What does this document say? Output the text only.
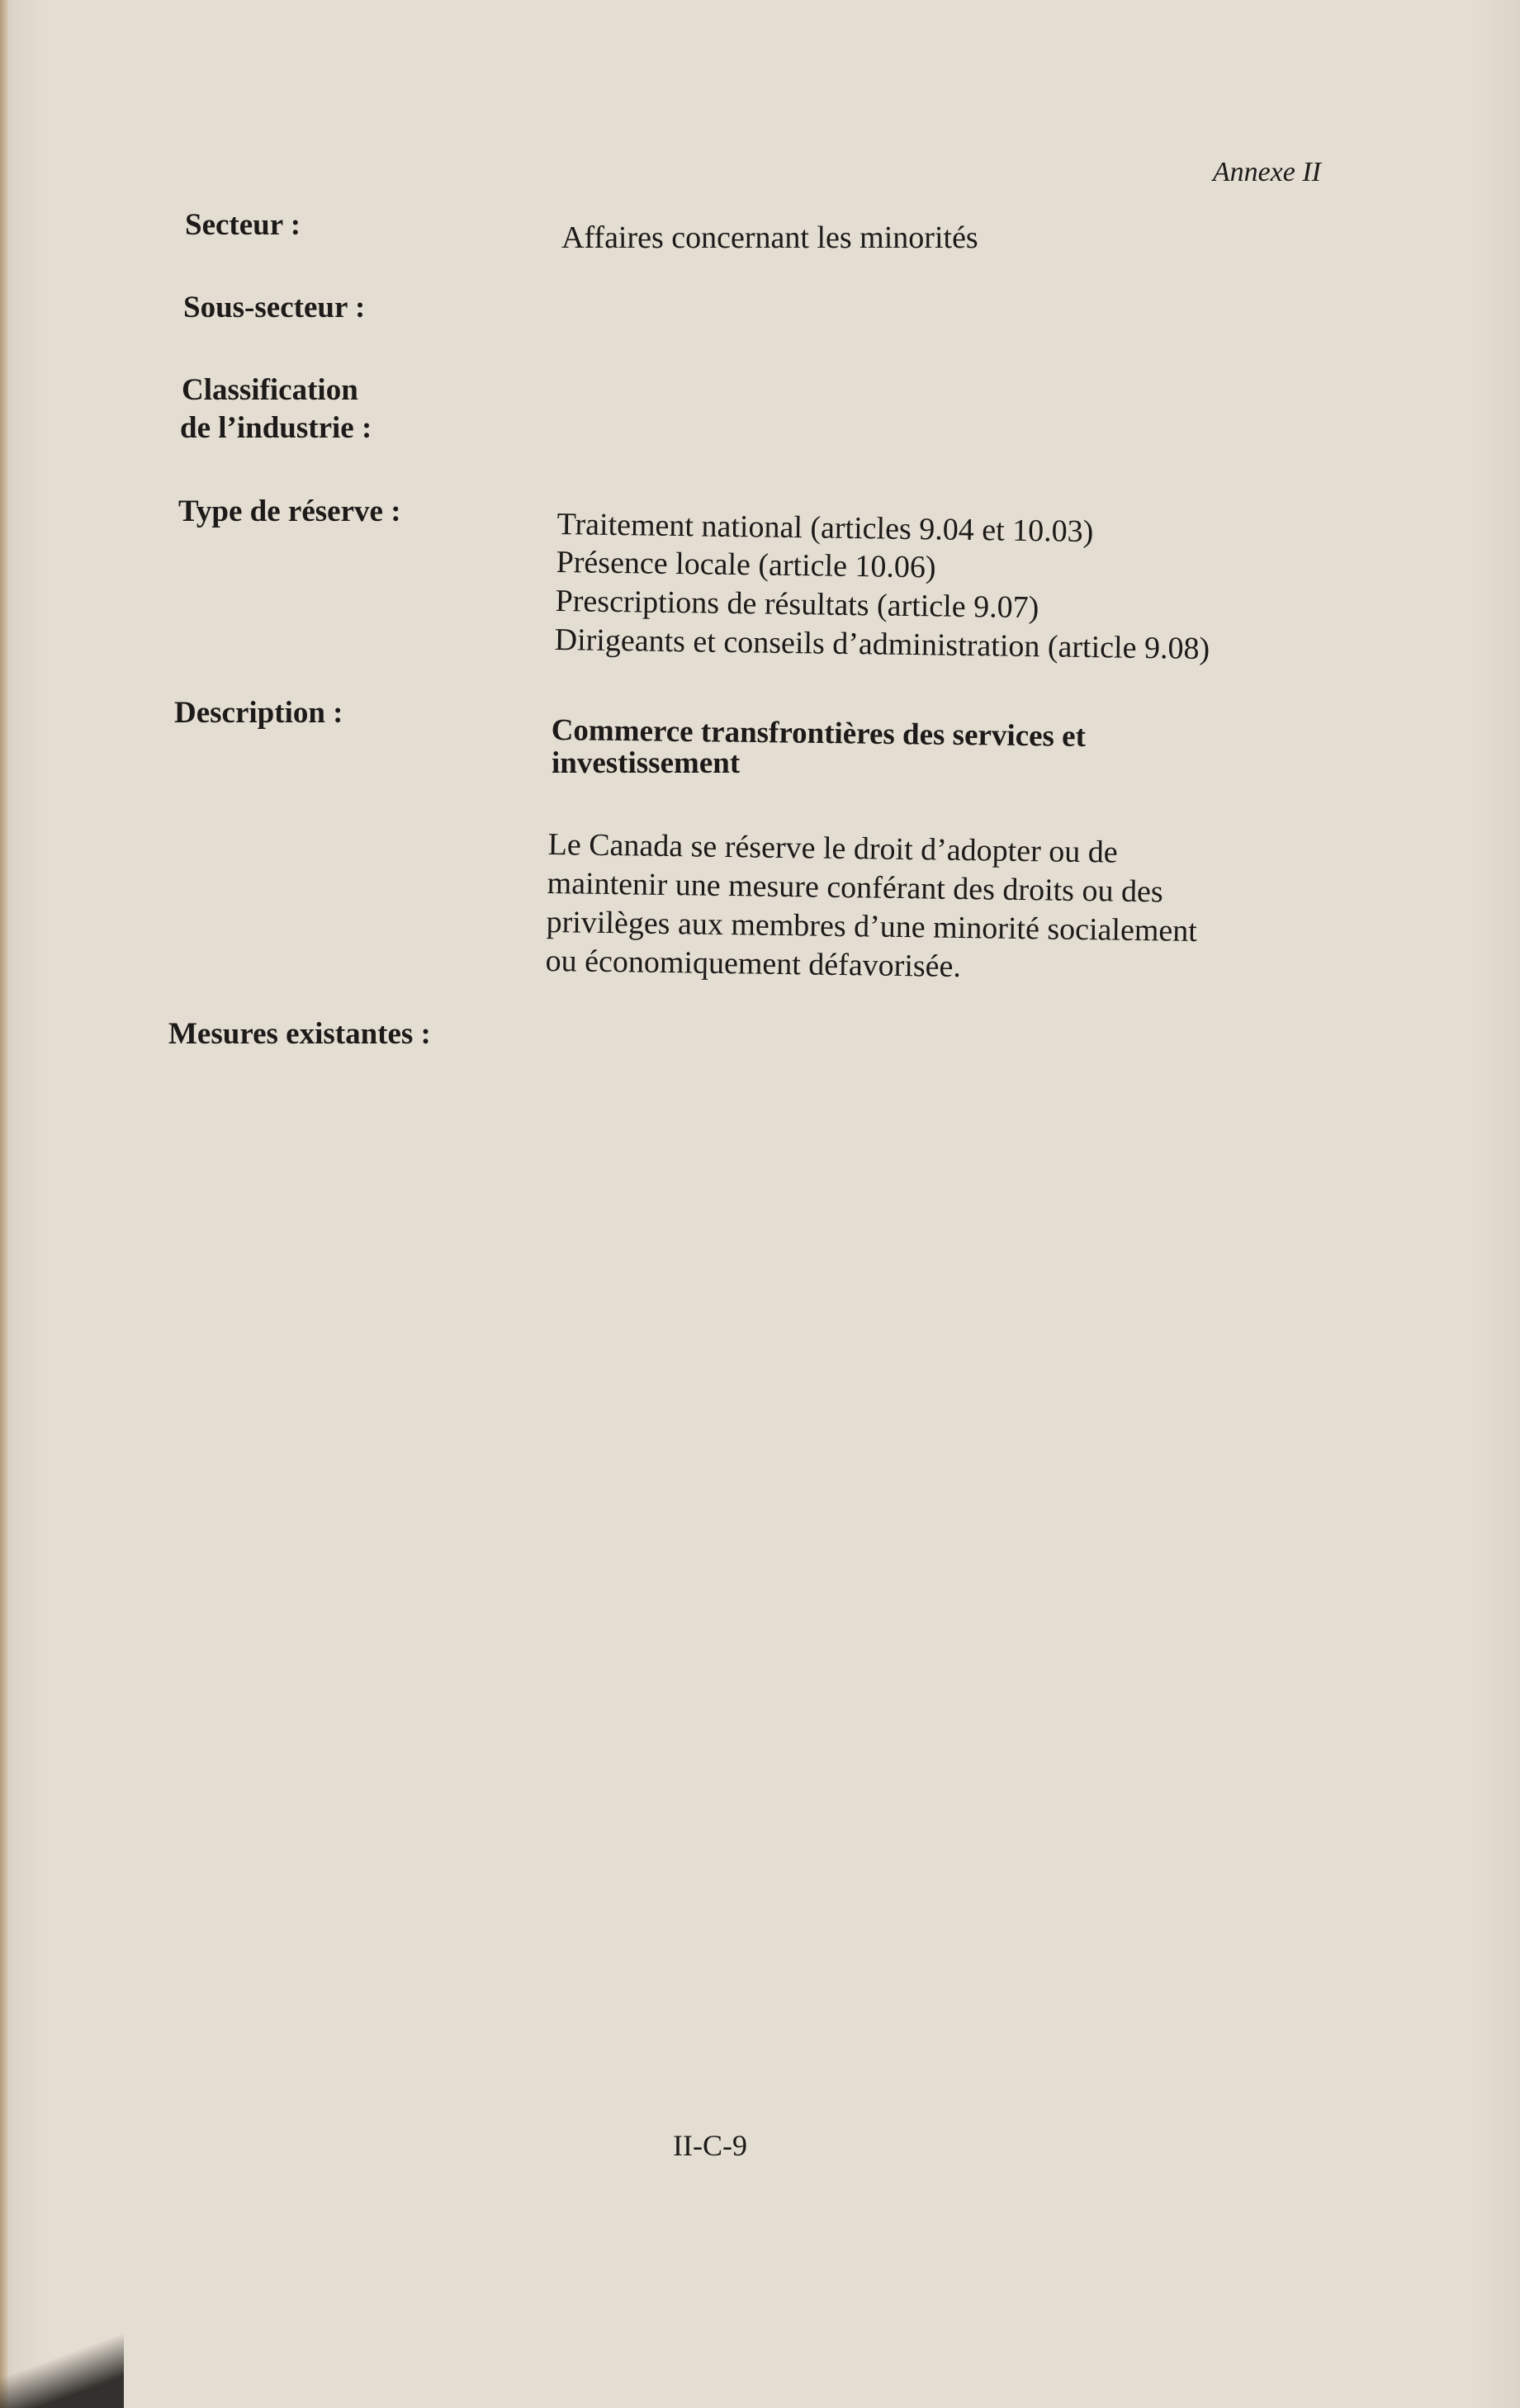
Annexe II
Secteur :	Affaires concernant les minorités
Sous-secteur :
Classification
de l’industrie :
Type de réserve :	Traitement national (articles 9.04 et 10.03)
Présence locale (article 10.06)
Prescriptions de résultats (article 9.07)
Dirigeants et conseils d’administration (article 9.08)
Description :
Commerce transfrontières des services et
investissement
Le Canada se réserve le droit d’adopter ou de
maintenir une mesure conférant des droits ou des
privilèges aux membres d’une minorité socialement
ou économiquement défavorisée.
Mesures existantes :
II-C-9
